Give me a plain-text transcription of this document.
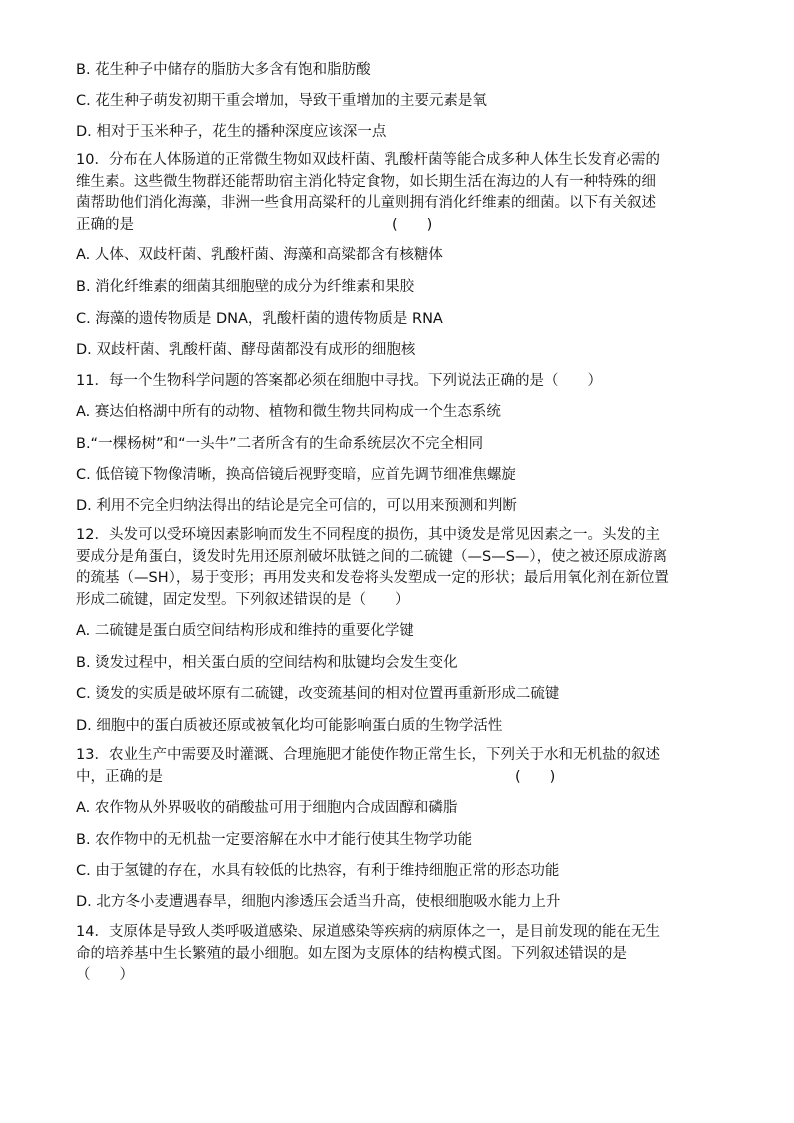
B. 花生种子中储存的脂肪大多含有饱和脂肪酸
C. 花生种子萌发初期干重会增加，导致干重增加的主要元素是氧
D. 相对于玉米种子，花生的播种深度应该深一点
10．分布在人体肠道的正常微生物如双歧杆菌、乳酸杆菌等能合成多种人体生长发育必需的
维生素。这些微生物群还能帮助宿主消化特定食物，如长期生活在海边的人有一种特殊的细
菌帮助他们消化海藻，非洲一些食用高粱秆的儿童则拥有消化纤维素的细菌。以下有关叙述
正确的是	(　　)
A. 人体、双歧杆菌、乳酸杆菌、海藻和高粱都含有核糖体
B. 消化纤维素的细菌其细胞壁的成分为纤维素和果胶
C. 海藻的遗传物质是 DNA，乳酸杆菌的遗传物质是 RNA
D. 双歧杆菌、乳酸杆菌、酵母菌都没有成形的细胞核
11．每一个生物科学问题的答案都必须在细胞中寻找。下列说法正确的是（　　）
A. 赛达伯格湖中所有的动物、植物和微生物共同构成一个生态系统
B.“一棵杨树”和“一头牛”二者所含有的生命系统层次不完全相同
C. 低倍镜下物像清晰，换高倍镜后视野变暗，应首先调节细准焦螺旋
D. 利用不完全归纳法得出的结论是完全可信的，可以用来预测和判断
12．头发可以受环境因素影响而发生不同程度的损伤，其中烫发是常见因素之一。头发的主
要成分是角蛋白，烫发时先用还原剂破坏肽链之间的二硫键（—S—S—），使之被还原成游离
的巯基（—SH），易于变形；再用发夹和发卷将头发塑成一定的形状；最后用氧化剂在新位置
形成二硫键，固定发型。下列叙述错误的是（　　）
A. 二硫键是蛋白质空间结构形成和维持的重要化学键
B. 烫发过程中，相关蛋白质的空间结构和肽键均会发生变化
C. 烫发的实质是破坏原有二硫键，改变巯基间的相对位置再重新形成二硫键
D. 细胞中的蛋白质被还原或被氧化均可能影响蛋白质的生物学活性
13．农业生产中需要及时灌溉、合理施肥才能使作物正常生长，下列关于水和无机盐的叙述
中，正确的是	(　　)
A. 农作物从外界吸收的硝酸盐可用于细胞内合成固醇和磷脂
B. 农作物中的无机盐一定要溶解在水中才能行使其生物学功能
C. 由于氢键的存在，水具有较低的比热容，有利于维持细胞正常的形态功能
D. 北方冬小麦遭遇春旱，细胞内渗透压会适当升高，使根细胞吸水能力上升
14．支原体是导致人类呼吸道感染、尿道感染等疾病的病原体之一，是目前发现的能在无生
命的培养基中生长繁殖的最小细胞。如左图为支原体的结构模式图。下列叙述错误的是
（　　）
